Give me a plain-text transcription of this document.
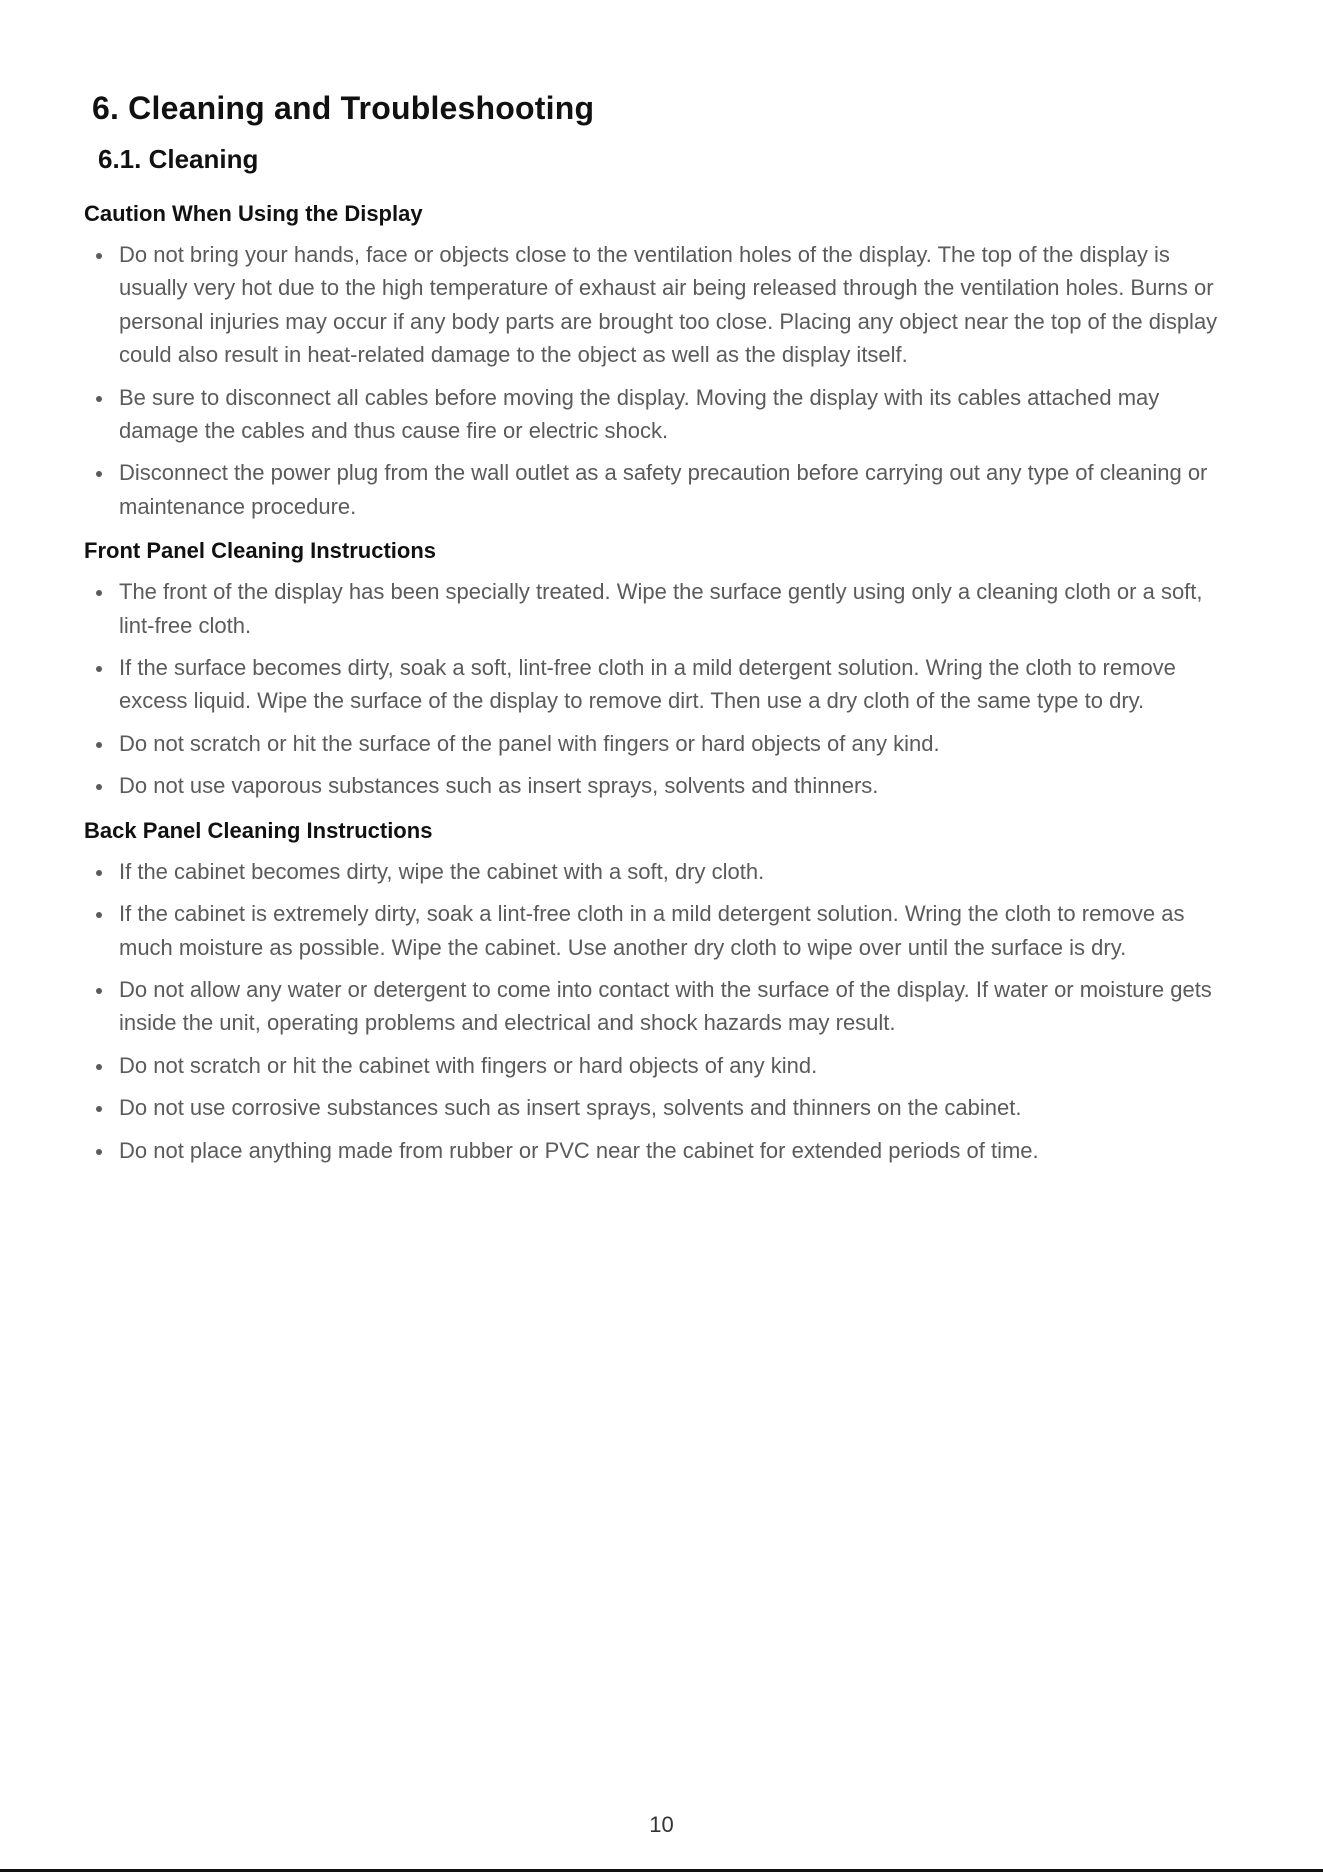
6. Cleaning and Troubleshooting
6.1. Cleaning
Caution When Using the Display
Do not bring your hands, face or objects close to the ventilation holes of the display. The top of the display is usually very hot due to the high temperature of exhaust air being released through the ventilation holes. Burns or personal injuries may occur if any body parts are brought too close. Placing any object near the top of the display could also result in heat-related damage to the object as well as the display itself.
Be sure to disconnect all cables before moving the display. Moving the display with its cables attached may damage the cables and thus cause fire or electric shock.
Disconnect the power plug from the wall outlet as a safety precaution before carrying out any type of cleaning or maintenance procedure.
Front Panel Cleaning Instructions
The front of the display has been specially treated. Wipe the surface gently using only a cleaning cloth or a soft, lint-free cloth.
If the surface becomes dirty, soak a soft, lint-free cloth in a mild detergent solution. Wring the cloth to remove excess liquid. Wipe the surface of the display to remove dirt. Then use a dry cloth of the same type to dry.
Do not scratch or hit the surface of the panel with fingers or hard objects of any kind.
Do not use vaporous substances such as insert sprays, solvents and thinners.
Back Panel Cleaning Instructions
If the cabinet becomes dirty, wipe the cabinet with a soft, dry cloth.
If the cabinet is extremely dirty, soak a lint-free cloth in a mild detergent solution. Wring the cloth to remove as much moisture as possible. Wipe the cabinet. Use another dry cloth to wipe over until the surface is dry.
Do not allow any water or detergent to come into contact with the surface of the display. If water or moisture gets inside the unit, operating problems and electrical and shock hazards may result.
Do not scratch or hit the cabinet with fingers or hard objects of any kind.
Do not use corrosive substances such as insert sprays, solvents and thinners on the cabinet.
Do not place anything made from rubber or PVC near the cabinet for extended periods of time.
10
